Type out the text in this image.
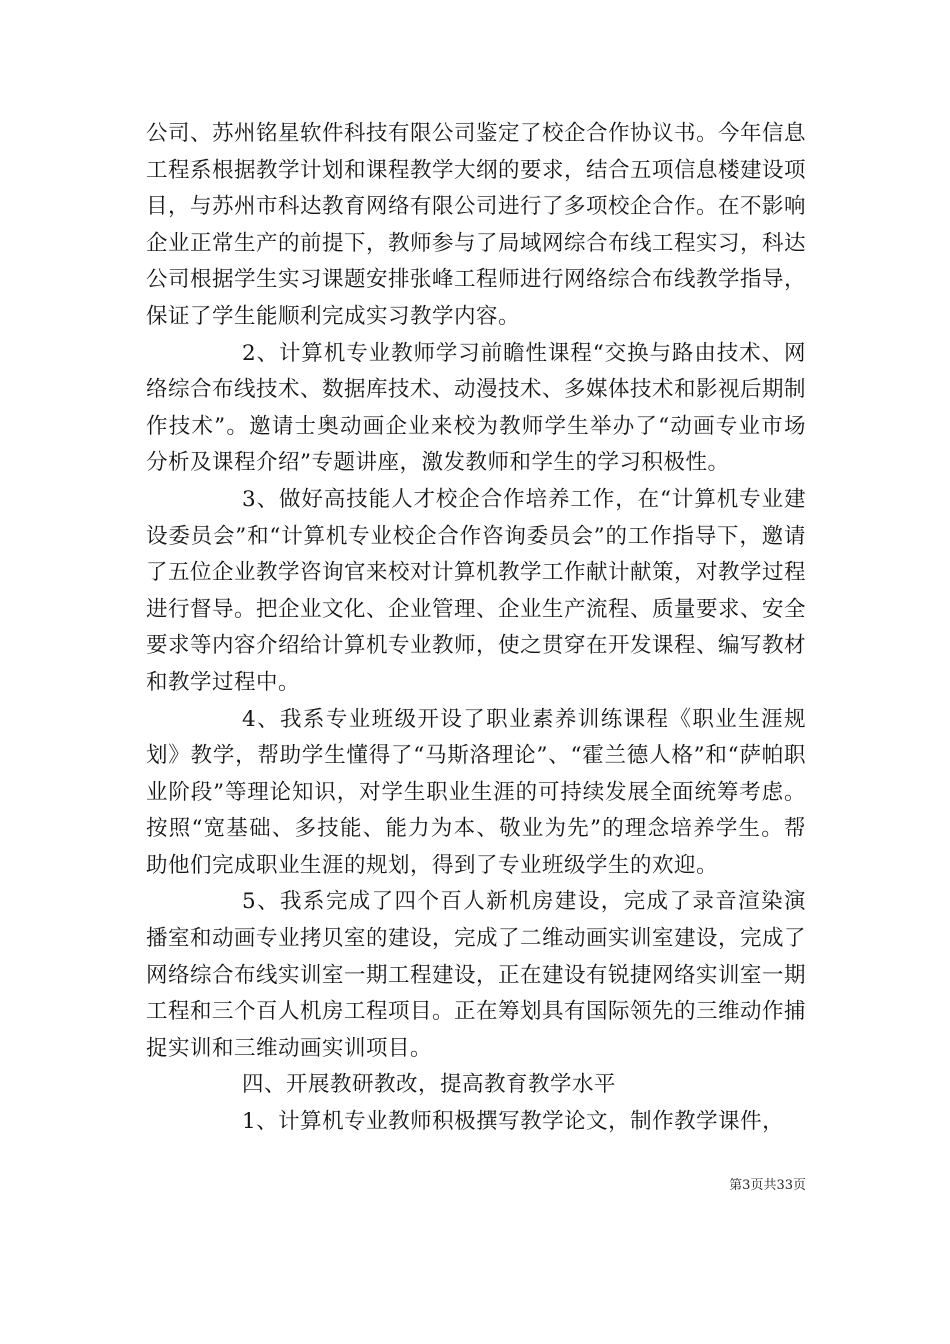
公司、苏州铭星软件科技有限公司鉴定了校企合作协议书。今年信息工程系根据教学计划和课程教学大纲的要求，结合五项信息楼建设项目，与苏州市科达教育网络有限公司进行了多项校企合作。在不影响企业正常生产的前提下，教师参与了局域网综合布线工程实习，科达公司根据学生实习课题安排张峰工程师进行网络综合布线教学指导，保证了学生能顺利完成实习教学内容。

2、计算机专业教师学习前瞻性课程“交换与路由技术、网络综合布线技术、数据库技术、动漫技术、多媒体技术和影视后期制作技术”。邀请士奥动画企业来校为教师学生举办了“动画专业市场分析及课程介绍”专题讲座，激发教师和学生的学习积极性。

3、做好高技能人才校企合作培养工作，在“计算机专业建设委员会”和“计算机专业校企合作咨询委员会”的工作指导下，邀请了五位企业教学咨询官来校对计算机教学工作献计献策，对教学过程进行督导。把企业文化、企业管理、企业生产流程、质量要求、安全要求等内容介绍给计算机专业教师，使之贯穿在开发课程、编写教材和教学过程中。

4、我系专业班级开设了职业素养训练课程《职业生涯规划》教学，帮助学生懂得了“马斯洛理论”、“霍兰德人格”和“萨帕职业阶段”等理论知识，对学生职业生涯的可持续发展全面统筹考虑。按照“宽基础、多技能、能力为本、敬业为先”的理念培养学生。帮助他们完成职业生涯的规划，得到了专业班级学生的欢迎。

5、我系完成了四个百人新机房建设，完成了录音渲染演播室和动画专业拷贝室的建设，完成了二维动画实训室建设，完成了网络综合布线实训室一期工程建设，正在建设有锐捷网络实训室一期工程和三个百人机房工程项目。正在筹划具有国际领先的三维动作捕捉实训和三维动画实训项目。

四、开展教研教改，提高教育教学水平

1、计算机专业教师积极撰写教学论文，制作教学课件，

第3页共33页
